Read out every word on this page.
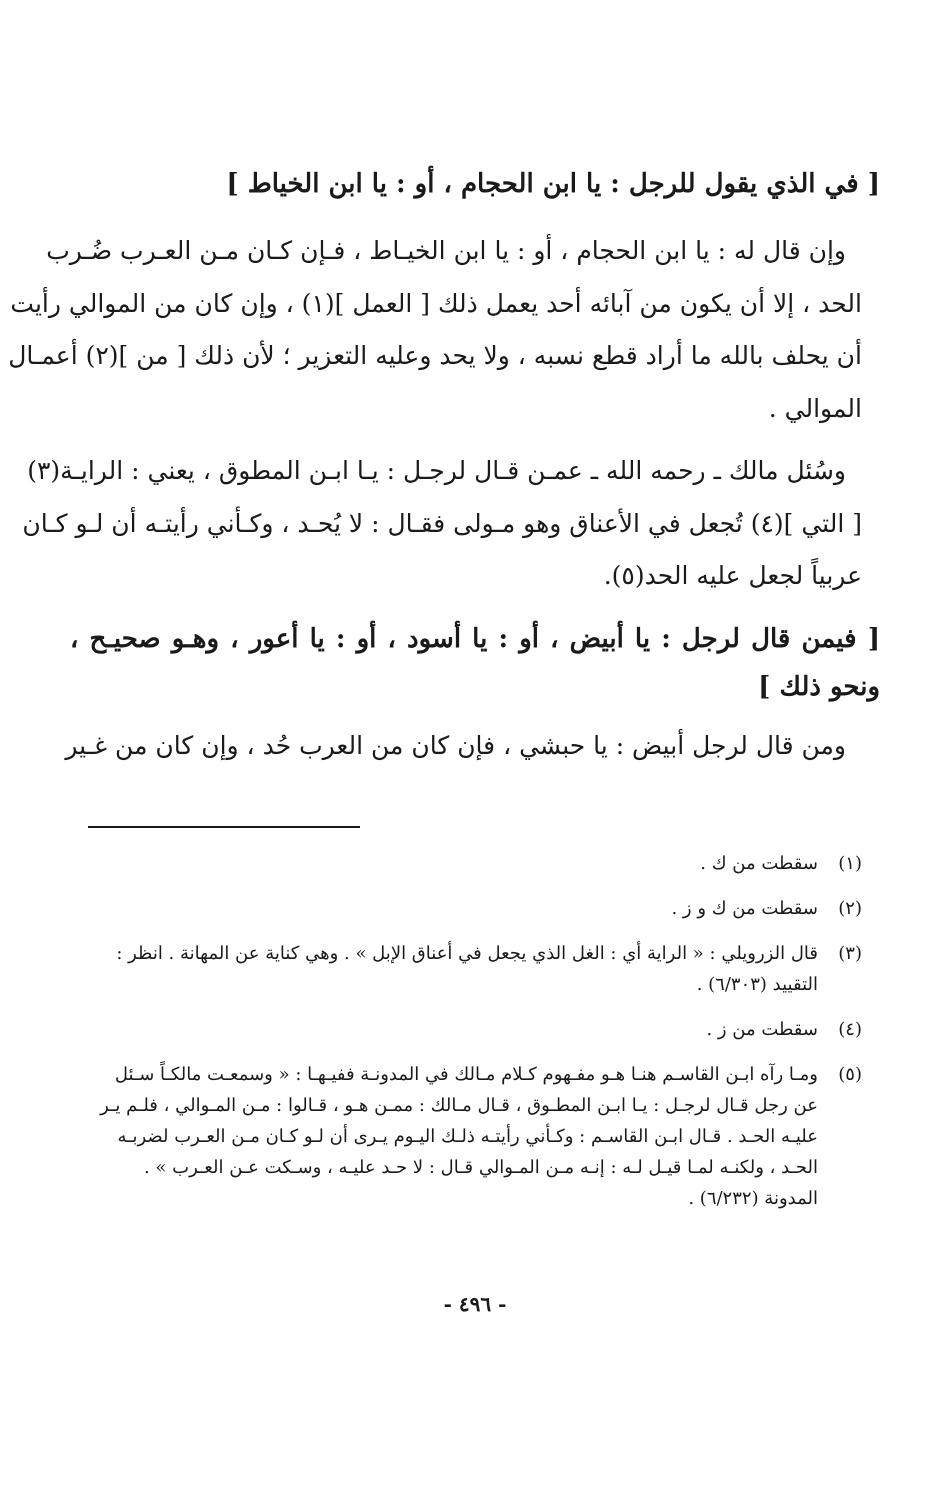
[ في الذي يقول للرجل : يا ابن الحجام ، أو : يا ابن الخياط ]
وإن قال له : يا ابن الحجام ، أو : يا ابن الخيـاط ، فـإن كـان مـن العـرب ضُـرب
الحد ، إلا أن يكون من آبائه أحد يعمل ذلك [ العمل ](١) ، وإن كان من الموالي رأيت
أن يحلف بالله ما أراد قطع نسبه ، ولا يحد وعليه التعزير ؛ لأن ذلك [ من ](٢) أعمـال
الموالي .
وسُئل مالك ـ رحمه الله ـ عمـن قـال لرجـل : يـا ابـن المطوق ، يعني : الرايـة(٣)
[ التي ](٤) تُجعل في الأعناق وهو مـولى فقـال : لا يُحـد ، وكـأني رأيتـه أن لـو كـان
عربياً لجعل عليه الحد(٥).
[ فيمن قال لرجل : يا أبيض ، أو : يا أسود ، أو : يا أعور ، وهـو صحيـح ، ونحو ذلك ]
ومن قال لرجل أبيض : يا حبشي ، فإن كان من العرب حُد ، وإن كان من غـير
(١)
سقطت من ك .
(٢)
سقطت من ك و ز .
(٣)
قال الزرويلي : « الراية أي : الغل الذي يجعل في أعناق الإبل » . وهي كناية عن المهانة . انظر :
التقييد (٦/٣٠٣) .
(٤)
سقطت من ز .
(٥)
ومـا رآه ابـن القاسـم هنـا هـو مفـهوم كـلام مـالك في المدونـة ففيـهـا : « وسمعـت مالكـاً سـئل
عن رجل قـال لرجـل : يـا ابـن المطـوق ، قـال مـالك : ممـن هـو ، قـالوا : مـن المـوالي ، فلـم يـر
عليـه الحـد . قـال ابـن القاسـم : وكـأني رأيتـه ذلـك اليـوم يـرى أن لـو كـان مـن العـرب لضربـه
الحـد ، ولكنـه لمـا قيـل لـه : إنـه مـن المـوالي قـال : لا حـد عليـه ، وسـكت عـن العـرب » .
المدونة (٦/٢٣٢) .
- ٤٩٦ -
